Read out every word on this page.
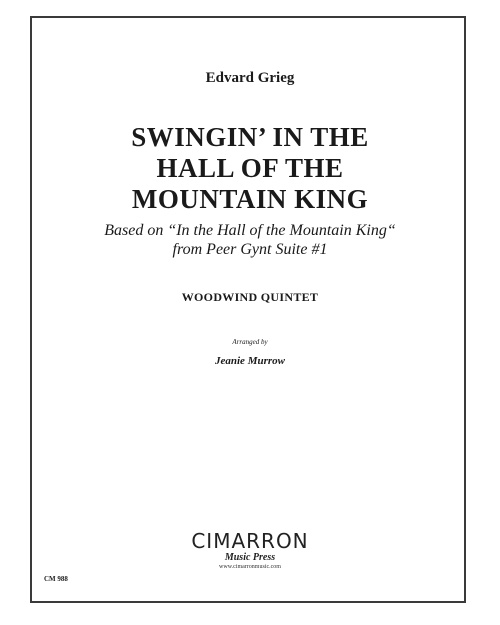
Edvard Grieg
SWINGIN’ IN THE
HALL OF THE
MOUNTAIN KING
Based on “In the Hall of the Mountain King“
from Peer Gynt Suite #1
WOODWIND QUINTET
Arranged by
Jeanie Murrow
CIMARRON
Music Press
www.cimarronmusic.com
CM 988
